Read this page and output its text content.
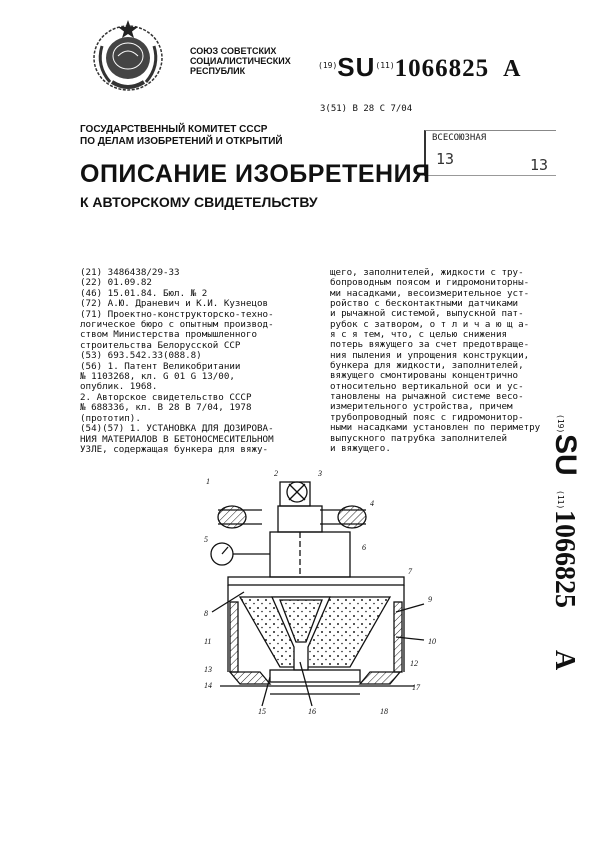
СОЮЗ СОВЕТСКИХ
СОЦИАЛИСТИЧЕСКИХ
РЕСПУБЛИК
$^{(19)}$SU$^{(11)}$1066825 A
3(51) В 28 С 7/04
ВСЕСОЮЗНАЯ
13	13
ГОСУДАРСТВЕННЫЙ КОМИТЕТ СССР
ПО ДЕЛАМ ИЗОБРЕТЕНИЙ И ОТКРЫТИЙ
ОПИСАНИЕ ИЗОБРЕТЕНИЯ
К АВТОРСКОМУ СВИДЕТЕЛЬСТВУ
(21) 3486438/29-33
(22) 01.09.82
(46) 15.01.84. Бюл. № 2
(72) А.Ю. Драневич и К.И. Кузнецов
(71) Проектно-конструкторско-техно-
логическое бюро с опытным производ-
ством Министерства промышленного
строительства Белорусской ССР
(53) 693.542.33(088.8)
(56) 1. Патент Великобритании
№ 1103268, кл. G 01 G 13/00,
опублик. 1968.
2. Авторское свидетельство СССР
№ 688336, кл. В 28 В 7/04, 1978
(прототип).
(54)(57) 1. УСТАНОВКА ДЛЯ ДОЗИРОВА-
НИЯ МАТЕРИАЛОВ В БЕТОНОСМЕСИТЕЛЬНОМ
УЗЛЕ, содержащая бункера для вяжу-
щего, заполнителей, жидкости с тру-
бопроводным поясом и гидромониторны-
ми насадками, весоизмерительное уст-
ройство с бесконтактными датчиками
и рычажной системой, выпускной пат-
рубок с затвором, о т л и ч а ю щ а-
я с я тем, что, с целью снижения
потерь вяжущего за счет предотвраще-
ния пыления и упрощения конструкции,
бункера для жидкости, заполнителей,
вяжущего смонтированы концентрично
относительно вертикальной оси и ус-
тановлены на рычажной системе весо-
измерительного устройства, причем
трубопроводный пояс с гидромонитор-
ными насадками установлен по периметру
выпускного патрубка заполнителей
и вяжущего.
(19)
SU
(11)
1066825
A
1
2	3
4
5
6
7
8
9
10
11
12
13
14
15	16
17
18
